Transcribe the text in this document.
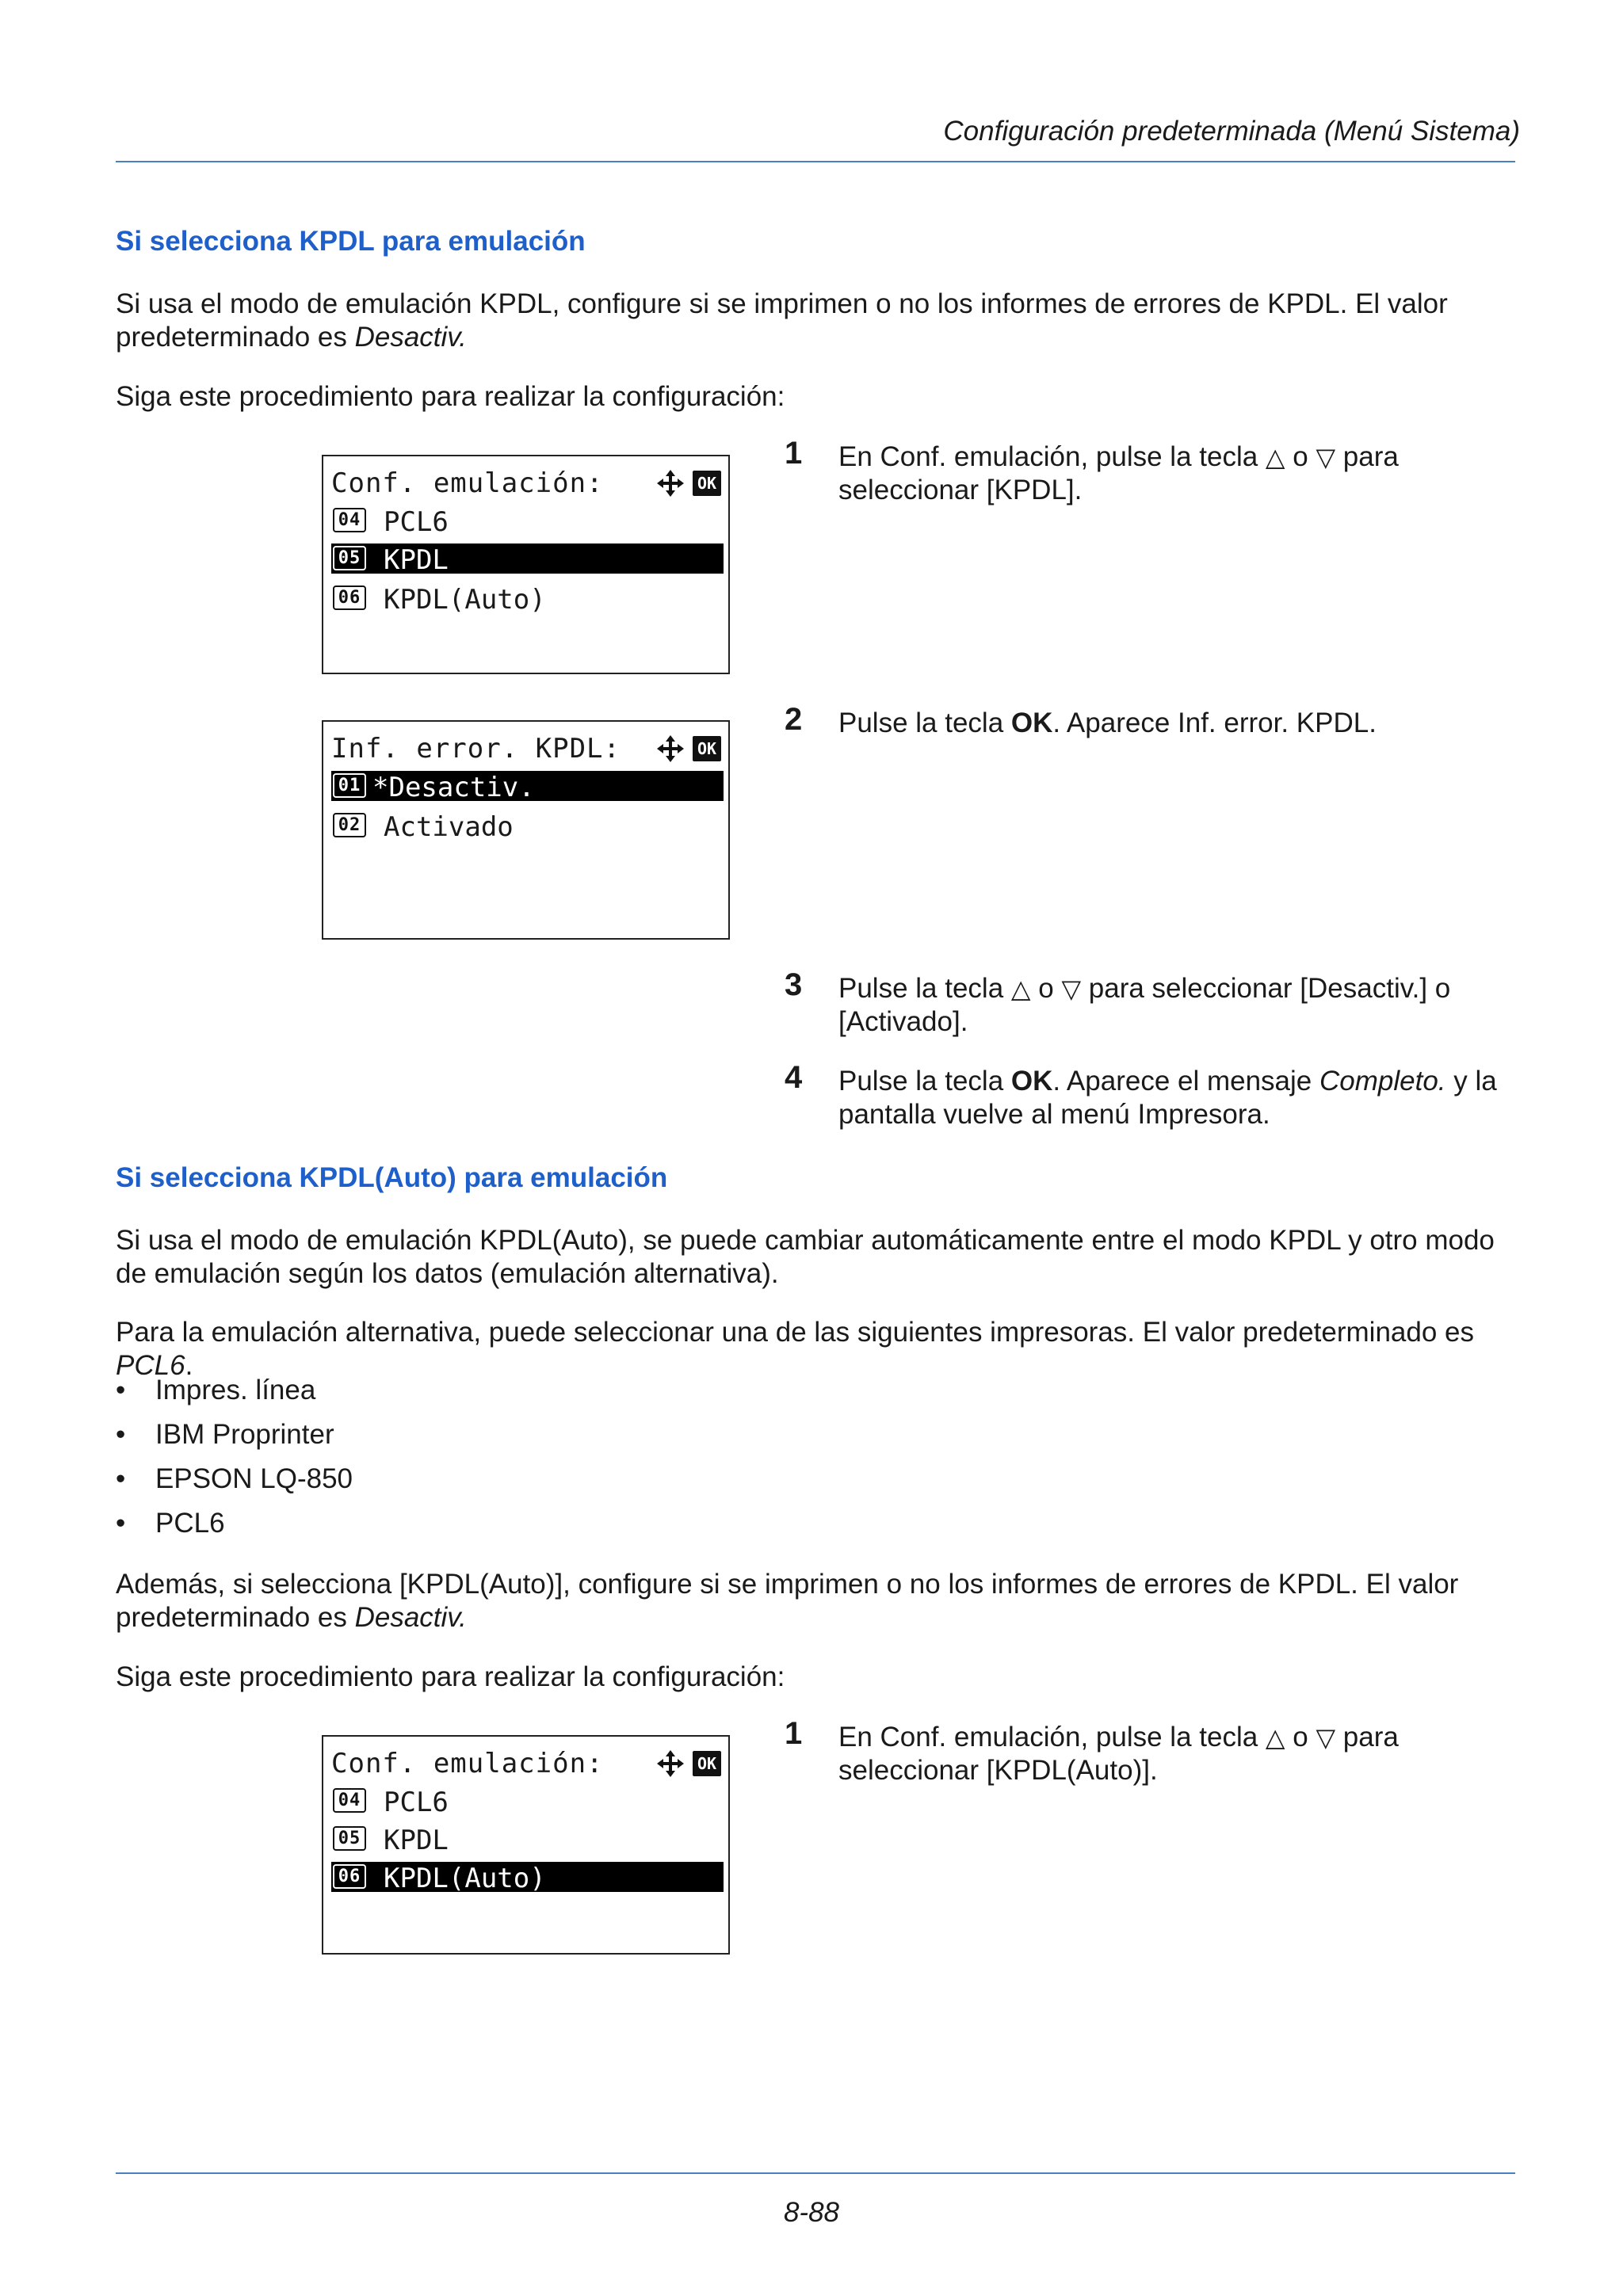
Configuración predeterminada (Menú Sistema)
Si selecciona KPDL para emulación

Si usa el modo de emulación KPDL, configure si se imprimen o no los informes de errores de KPDL. El valor predeterminado es Desactiv.

Siga este procedimiento para realizar la configuración:

Conf. emulación:	OK
04 PCL6
05 KPDL
06 KPDL(Auto)
1 En Conf. emulación, pulse la tecla △ o ▽ para seleccionar [KPDL].

Inf. error. KPDL:	OK
01 *Desactiv.
02 Activado
2 Pulse la tecla OK. Aparece Inf. error. KPDL.

3 Pulse la tecla △ o ▽ para seleccionar [Desactiv.] o [Activado].

4 Pulse la tecla OK. Aparece el mensaje Completo. y la pantalla vuelve al menú Impresora.

Si selecciona KPDL(Auto) para emulación

Si usa el modo de emulación KPDL(Auto), se puede cambiar automáticamente entre el modo KPDL y otro modo de emulación según los datos (emulación alternativa).

Para la emulación alternativa, puede seleccionar una de las siguientes impresoras. El valor predeterminado es PCL6.

• Impres. línea
• IBM Proprinter
• EPSON LQ-850
• PCL6

Además, si selecciona [KPDL(Auto)], configure si se imprimen o no los informes de errores de KPDL. El valor predeterminado es Desactiv.

Siga este procedimiento para realizar la configuración:

Conf. emulación:	OK
04 PCL6
05 KPDL
06 KPDL(Auto)
1 En Conf. emulación, pulse la tecla △ o ▽ para seleccionar [KPDL(Auto)].

8-88
